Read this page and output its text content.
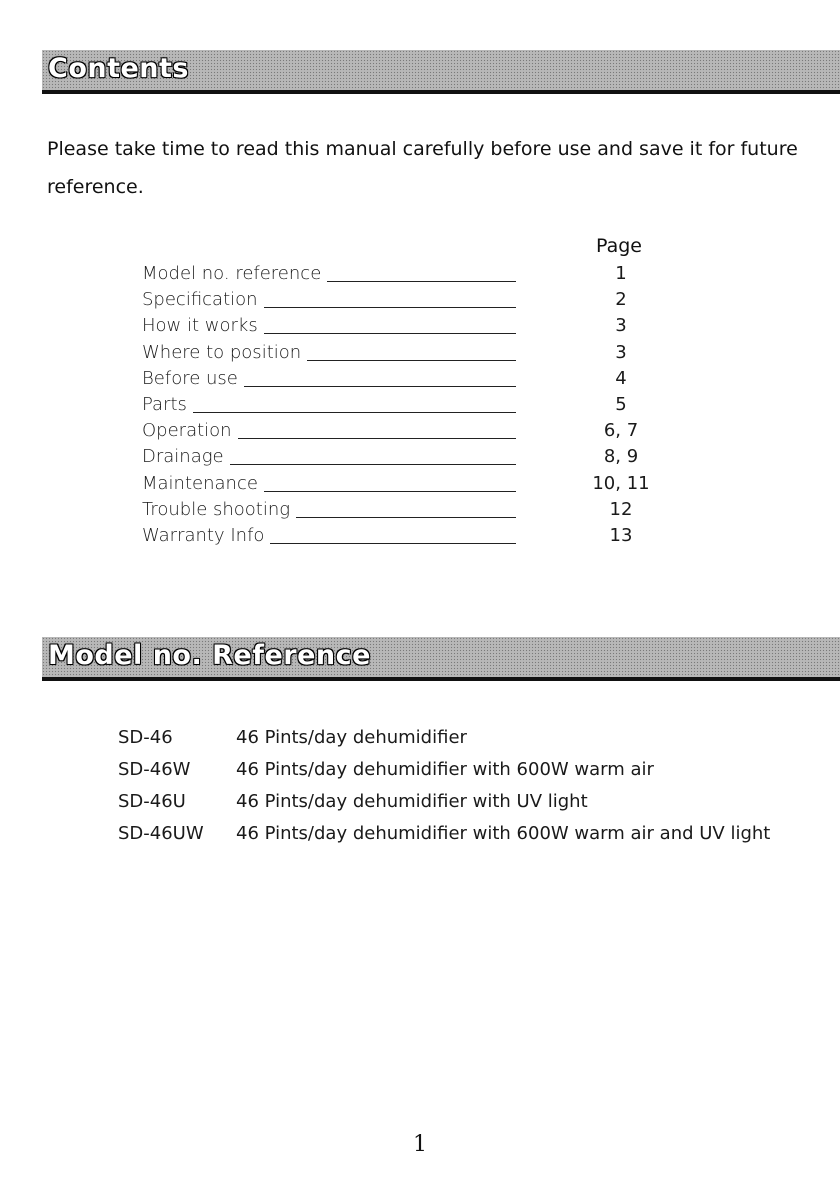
Contents
Please take time to read this manual carefully before use and save it for future reference.
Page
Model no. reference	1
Specification	2
How it works	3
Where to position	3
Before use	4
Parts	5
Operation	6, 7
Drainage	8, 9
Maintenance	10, 11
Trouble shooting	12
Warranty Info	13
Model no. Reference
SD-46	46 Pints/day dehumidifier
SD-46W	46 Pints/day dehumidifier with 600W warm air
SD-46U	46 Pints/day dehumidifier with UV light
SD-46UW 46 Pints/day dehumidifier with 600W warm air and UV light
1
